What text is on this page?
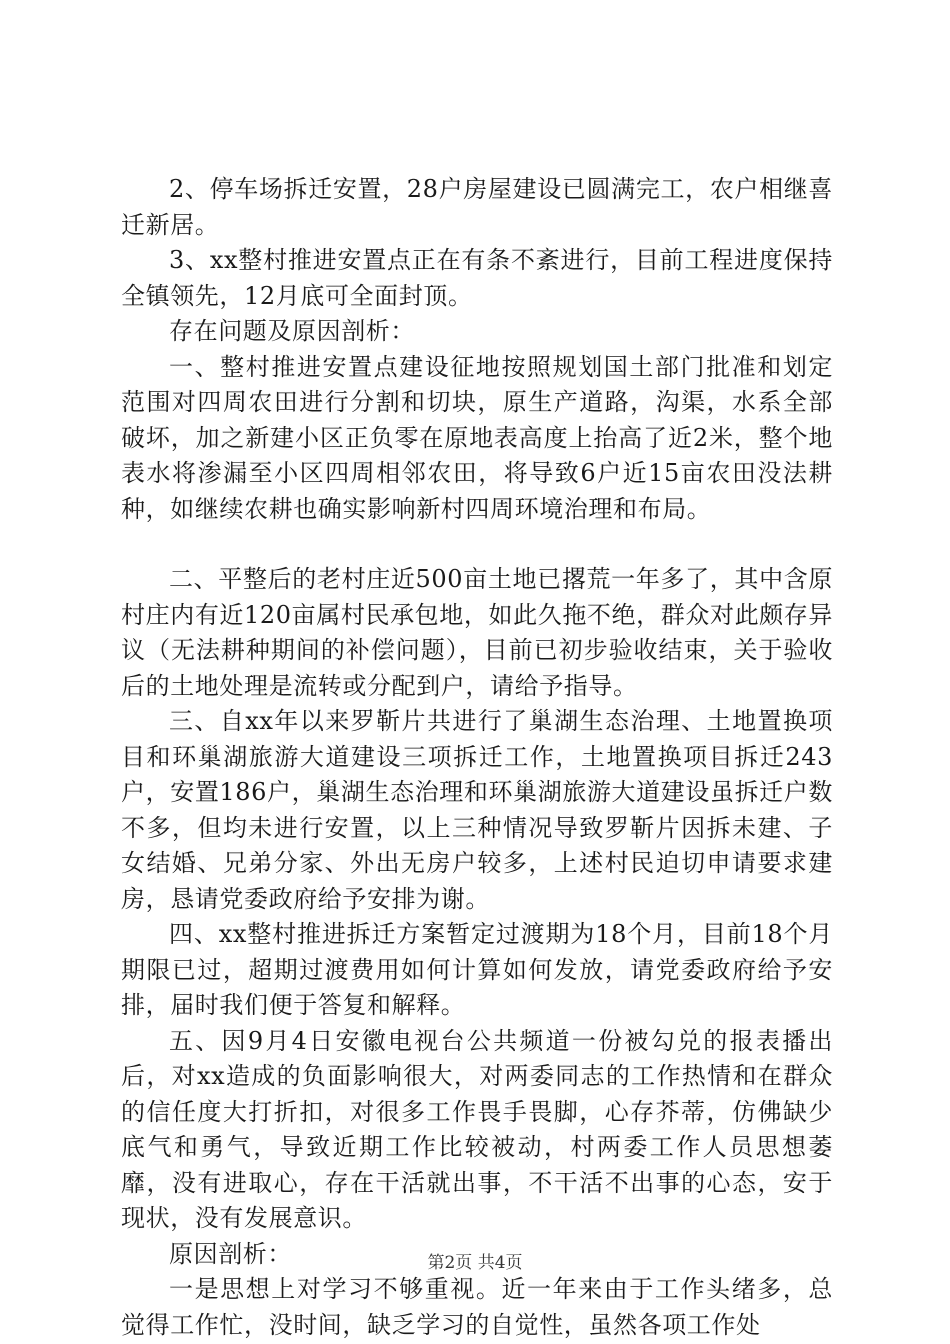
2、停车场拆迁安置，28户房屋建设已圆满完工，农户相继喜迁新居。

3、xx整村推进安置点正在有条不紊进行，目前工程进度保持全镇领先，12月底可全面封顶。

存在问题及原因剖析：

一、整村推进安置点建设征地按照规划国土部门批准和划定范围对四周农田进行分割和切块，原生产道路，沟渠，水系全部破坏，加之新建小区正负零在原地表高度上抬高了近2米，整个地表水将渗漏至小区四周相邻农田，将导致6户近15亩农田没法耕种，如继续农耕也确实影响新村四周环境治理和布局。

二、平整后的老村庄近500亩土地已撂荒一年多了，其中含原村庄内有近120亩属村民承包地，如此久拖不绝，群众对此颇存异议（无法耕种期间的补偿问题），目前已初步验收结束，关于验收后的土地处理是流转或分配到户，请给予指导。

三、自xx年以来罗靳片共进行了巢湖生态治理、土地置换项目和环巢湖旅游大道建设三项拆迁工作，土地置换项目拆迁243户，安置186户，巢湖生态治理和环巢湖旅游大道建设虽拆迁户数不多，但均未进行安置，以上三种情况导致罗靳片因拆未建、子女结婚、兄弟分家、外出无房户较多，上述村民迫切申请要求建房，恳请党委政府给予安排为谢。

四、xx整村推进拆迁方案暂定过渡期为18个月，目前18个月期限已过，超期过渡费用如何计算如何发放，请党委政府给予安排，届时我们便于答复和解释。

五、因9月4日安徽电视台公共频道一份被勾兑的报表播出后，对xx造成的负面影响很大，对两委同志的工作热情和在群众的信任度大打折扣，对很多工作畏手畏脚，心存芥蒂，仿佛缺少底气和勇气，导致近期工作比较被动，村两委工作人员思想萎靡，没有进取心，存在干活就出事，不干活不出事的心态，安于现状，没有发展意识。

原因剖析：

一是思想上对学习不够重视。近一年来由于工作头绪多，总觉得工作忙，没时间，缺乏学习的自觉性，虽然各项工作处

第2页 共4页
